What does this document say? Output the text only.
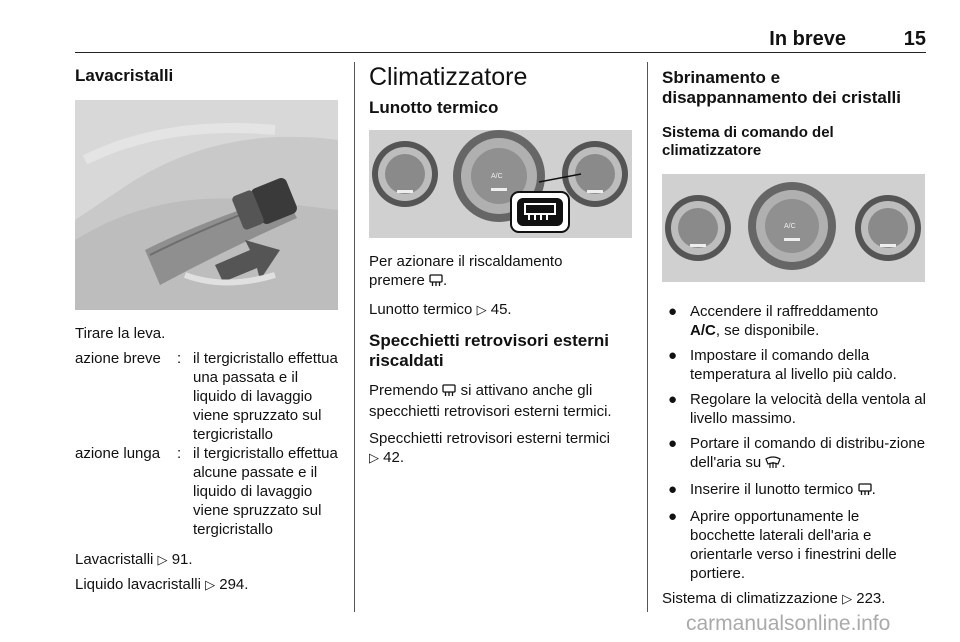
In breve	15
Lavacristalli

Tirare la leva.

azione breve	:	il tergicristallo effettua una passata e il liquido di lavaggio viene spruzzato sul tergicristallo
azione lunga	:	il tergicristallo effettua alcune passate e il liquido di lavaggio viene spruzzato sul tergicristallo

Lavacristalli ▷ 91.

Liquido lavacristalli ▷ 294.

Climatizzatore
Lunotto termico
A/C

Per azionare il riscaldamento
premere .

Lunotto termico ▷ 45.

Specchietti retrovisori esterni riscaldati

Premendo si attivano anche gli specchietti retrovisori esterni termici.

Specchietti retrovisori esterni termici
▷ 42.

Sbrinamento e disappannamento dei cristalli
Sistema di comando del climatizzatore
A/C
● Accendere il raffreddamento
A/C, se disponibile.
● Impostare il comando della temperatura al livello più caldo.
● Regolare la velocità della ventola al livello massimo.
● Portare il comando di distribu-zione dell'aria su .
● Inserire il lunotto termico .
● Aprire opportunamente le bocchette laterali dell'aria e orientarle verso i finestrini delle portiere.

Sistema di climatizzazione ▷ 223.

carmanualsonline.info
